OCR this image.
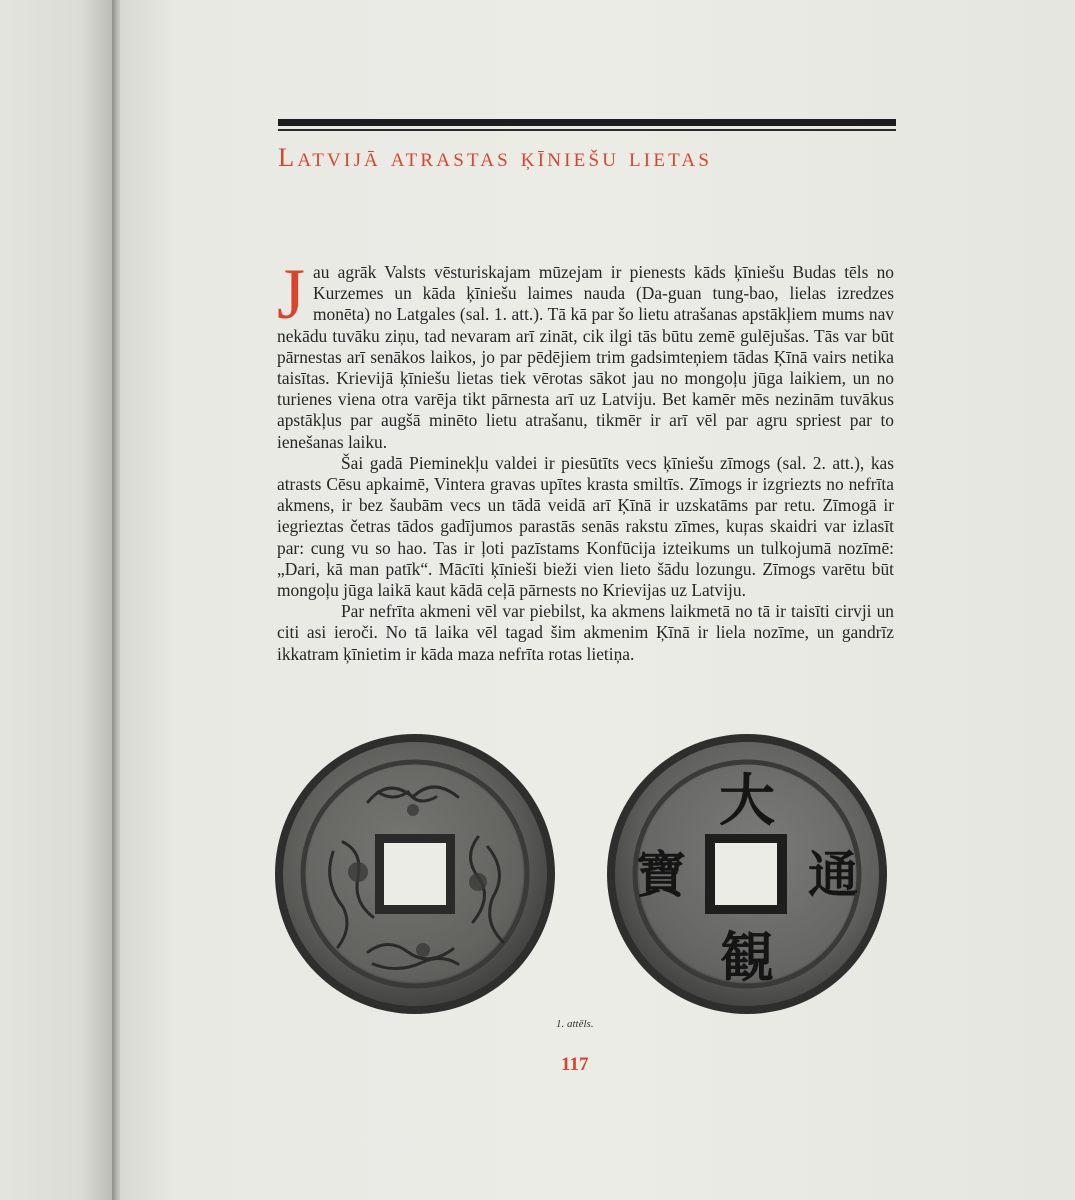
Latvijā atrastas ķīniešu lietas

Jau agrāk Valsts vēsturiskajam mūzejam ir pienests kāds ķīniešu Budas tēls no Kurzemes un kāda ķīniešu laimes nauda (Da-guan tung-bao, lielas izredzes monēta) no Latgales (sal. 1. att.). Tā kā par šo lietu atrašanas apstākļiem mums nav nekādu tuvāku ziņu, tad nevaram arī zināt, cik ilgi tās būtu zemē gulējušas. Tās var būt pārnestas arī senākos laikos, jo par pēdējiem trim gadsimteņiem tādas Ķīnā vairs netika taisītas. Krievijā ķīniešu lietas tiek vērotas sākot jau no mongoļu jūga laikiem, un no turienes viena otra varēja tikt pārnesta arī uz Latviju. Bet kamēr mēs nezinām tuvākus apstākļus par augšā minēto lietu atrašanu, tikmēr ir arī vēl par agru spriest par to ienešanas laiku.

Šai gadā Pieminekļu valdei ir piesūtīts vecs ķīniešu zīmogs (sal. 2. att.), kas atrasts Cēsu apkaimē, Vintera gravas upītes krasta smiltīs. Zīmogs ir izgriezts no nefrīta akmens, ir bez šaubām vecs un tādā veidā arī Ķīnā ir uzskatāms par retu. Zīmogā ir iegrieztas četras tādos gadījumos parastās senās rakstu zīmes, kuŗas skaidri var izlasīt par: cung vu so hao. Tas ir ļoti pazīstams Konfūcija izteikums un tulkojumā nozīmē: „Dari, kā man patīk“. Mācīti ķīnieši bieži vien lieto šādu lozungu. Zīmogs varētu būt mongoļu jūga laikā kaut kādā ceļā pārnests no Krievijas uz Latviju.

Par nefrīta akmeni vēl var piebilst, ka akmens laikmetā no tā ir taisīti cirvji un citi asi ieroči. No tā laika vēl tagad šim akmenim Ķīnā ir liela nozīme, un gandrīz ikkatram ķīnietim ir kāda maza nefrīta rotas lietiņa.

大
通
観
寶
1. attēls.
117
